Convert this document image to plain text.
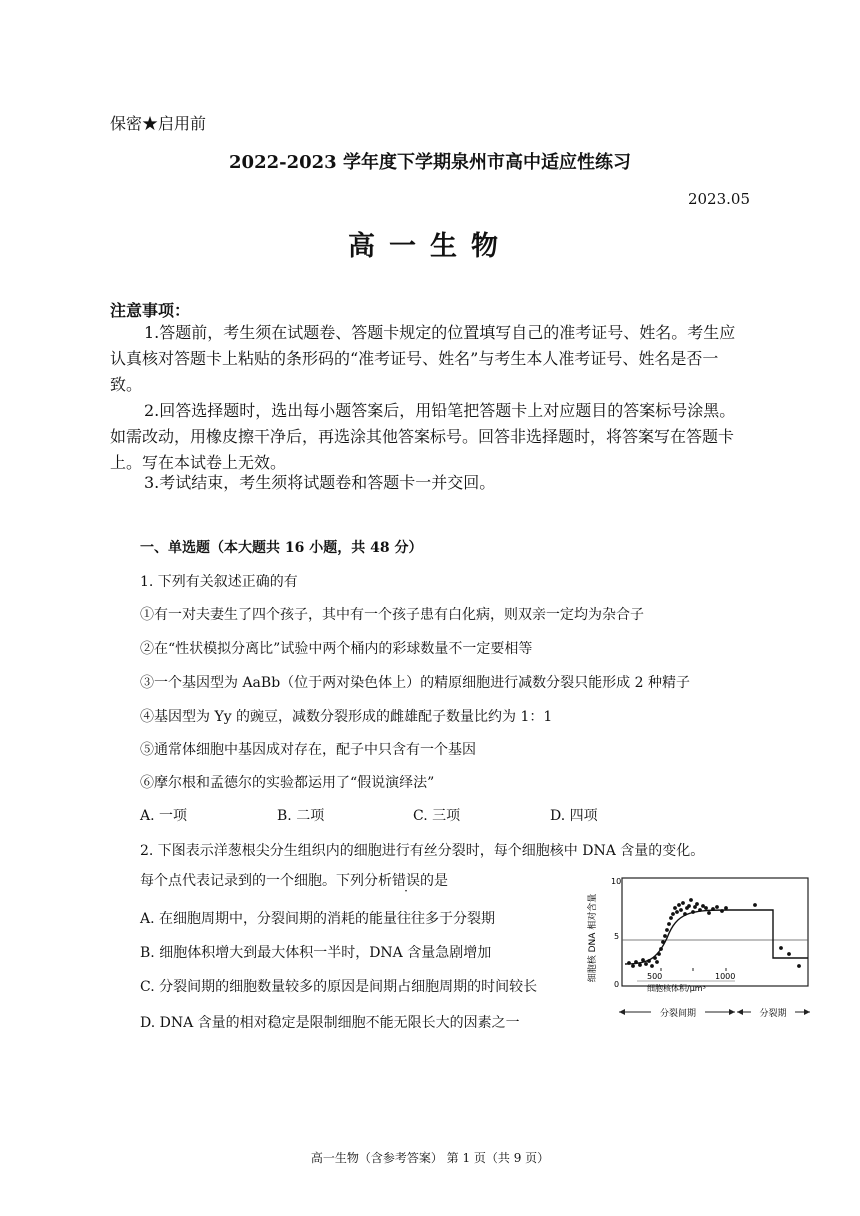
保密★启用前
2022-2023 学年度下学期泉州市高中适应性练习
2023.05
高一生物
注意事项：
1.答题前，考生须在试题卷、答题卡规定的位置填写自己的准考证号、姓名。考生应认真核对答题卡上粘贴的条形码的“准考证号、姓名”与考生本人准考证号、姓名是否一致。
2.回答选择题时，选出每小题答案后，用铅笔把答题卡上对应题目的答案标号涂黑。如需改动，用橡皮擦干净后，再选涂其他答案标号。回答非选择题时，将答案写在答题卡上。写在本试卷上无效。
3.考试结束，考生须将试题卷和答题卡一并交回。
一、单选题（本大题共 16 小题，共 48 分）
1. 下列有关叙述正确的有
①有一对夫妻生了四个孩子，其中有一个孩子患有白化病，则双亲一定均为杂合子
②在“性状模拟分离比”试验中两个桶内的彩球数量不一定要相等
③一个基因型为 AaBb（位于两对染色体上）的精原细胞进行减数分裂只能形成 2 种精子
④基因型为 Yy 的豌豆，减数分裂形成的雌雄配子数量比约为 1：1
⑤通常体细胞中基因成对存在，配子中只含有一个基因
⑥摩尔根和孟德尔的实验都运用了“假说演绎法”
A. 一项	B. 二项	C. 三项	D. 四项
2. 下图表示洋葱根尖分生组织内的细胞进行有丝分裂时，每个细胞核中 DNA 含量的变化。
每个点代表记录到的一个细胞。下列分析错误的是
A. 在细胞周期中，分裂间期的消耗的能量往往多于分裂期
B. 细胞体积增大到最大体积一半时，DNA 含量急剧增加
C. 分裂间期的细胞数量较多的原因是间期占细胞周期的时间较长
D. DNA 含量的相对稳定是限制细胞不能无限长大的因素之一
细胞核 DNA 相对含量
10
5
0
500	1000
细胞核体积/μm³
分裂间期	分裂期
高一生物（含参考答案） 第 1 页（共 9 页）
